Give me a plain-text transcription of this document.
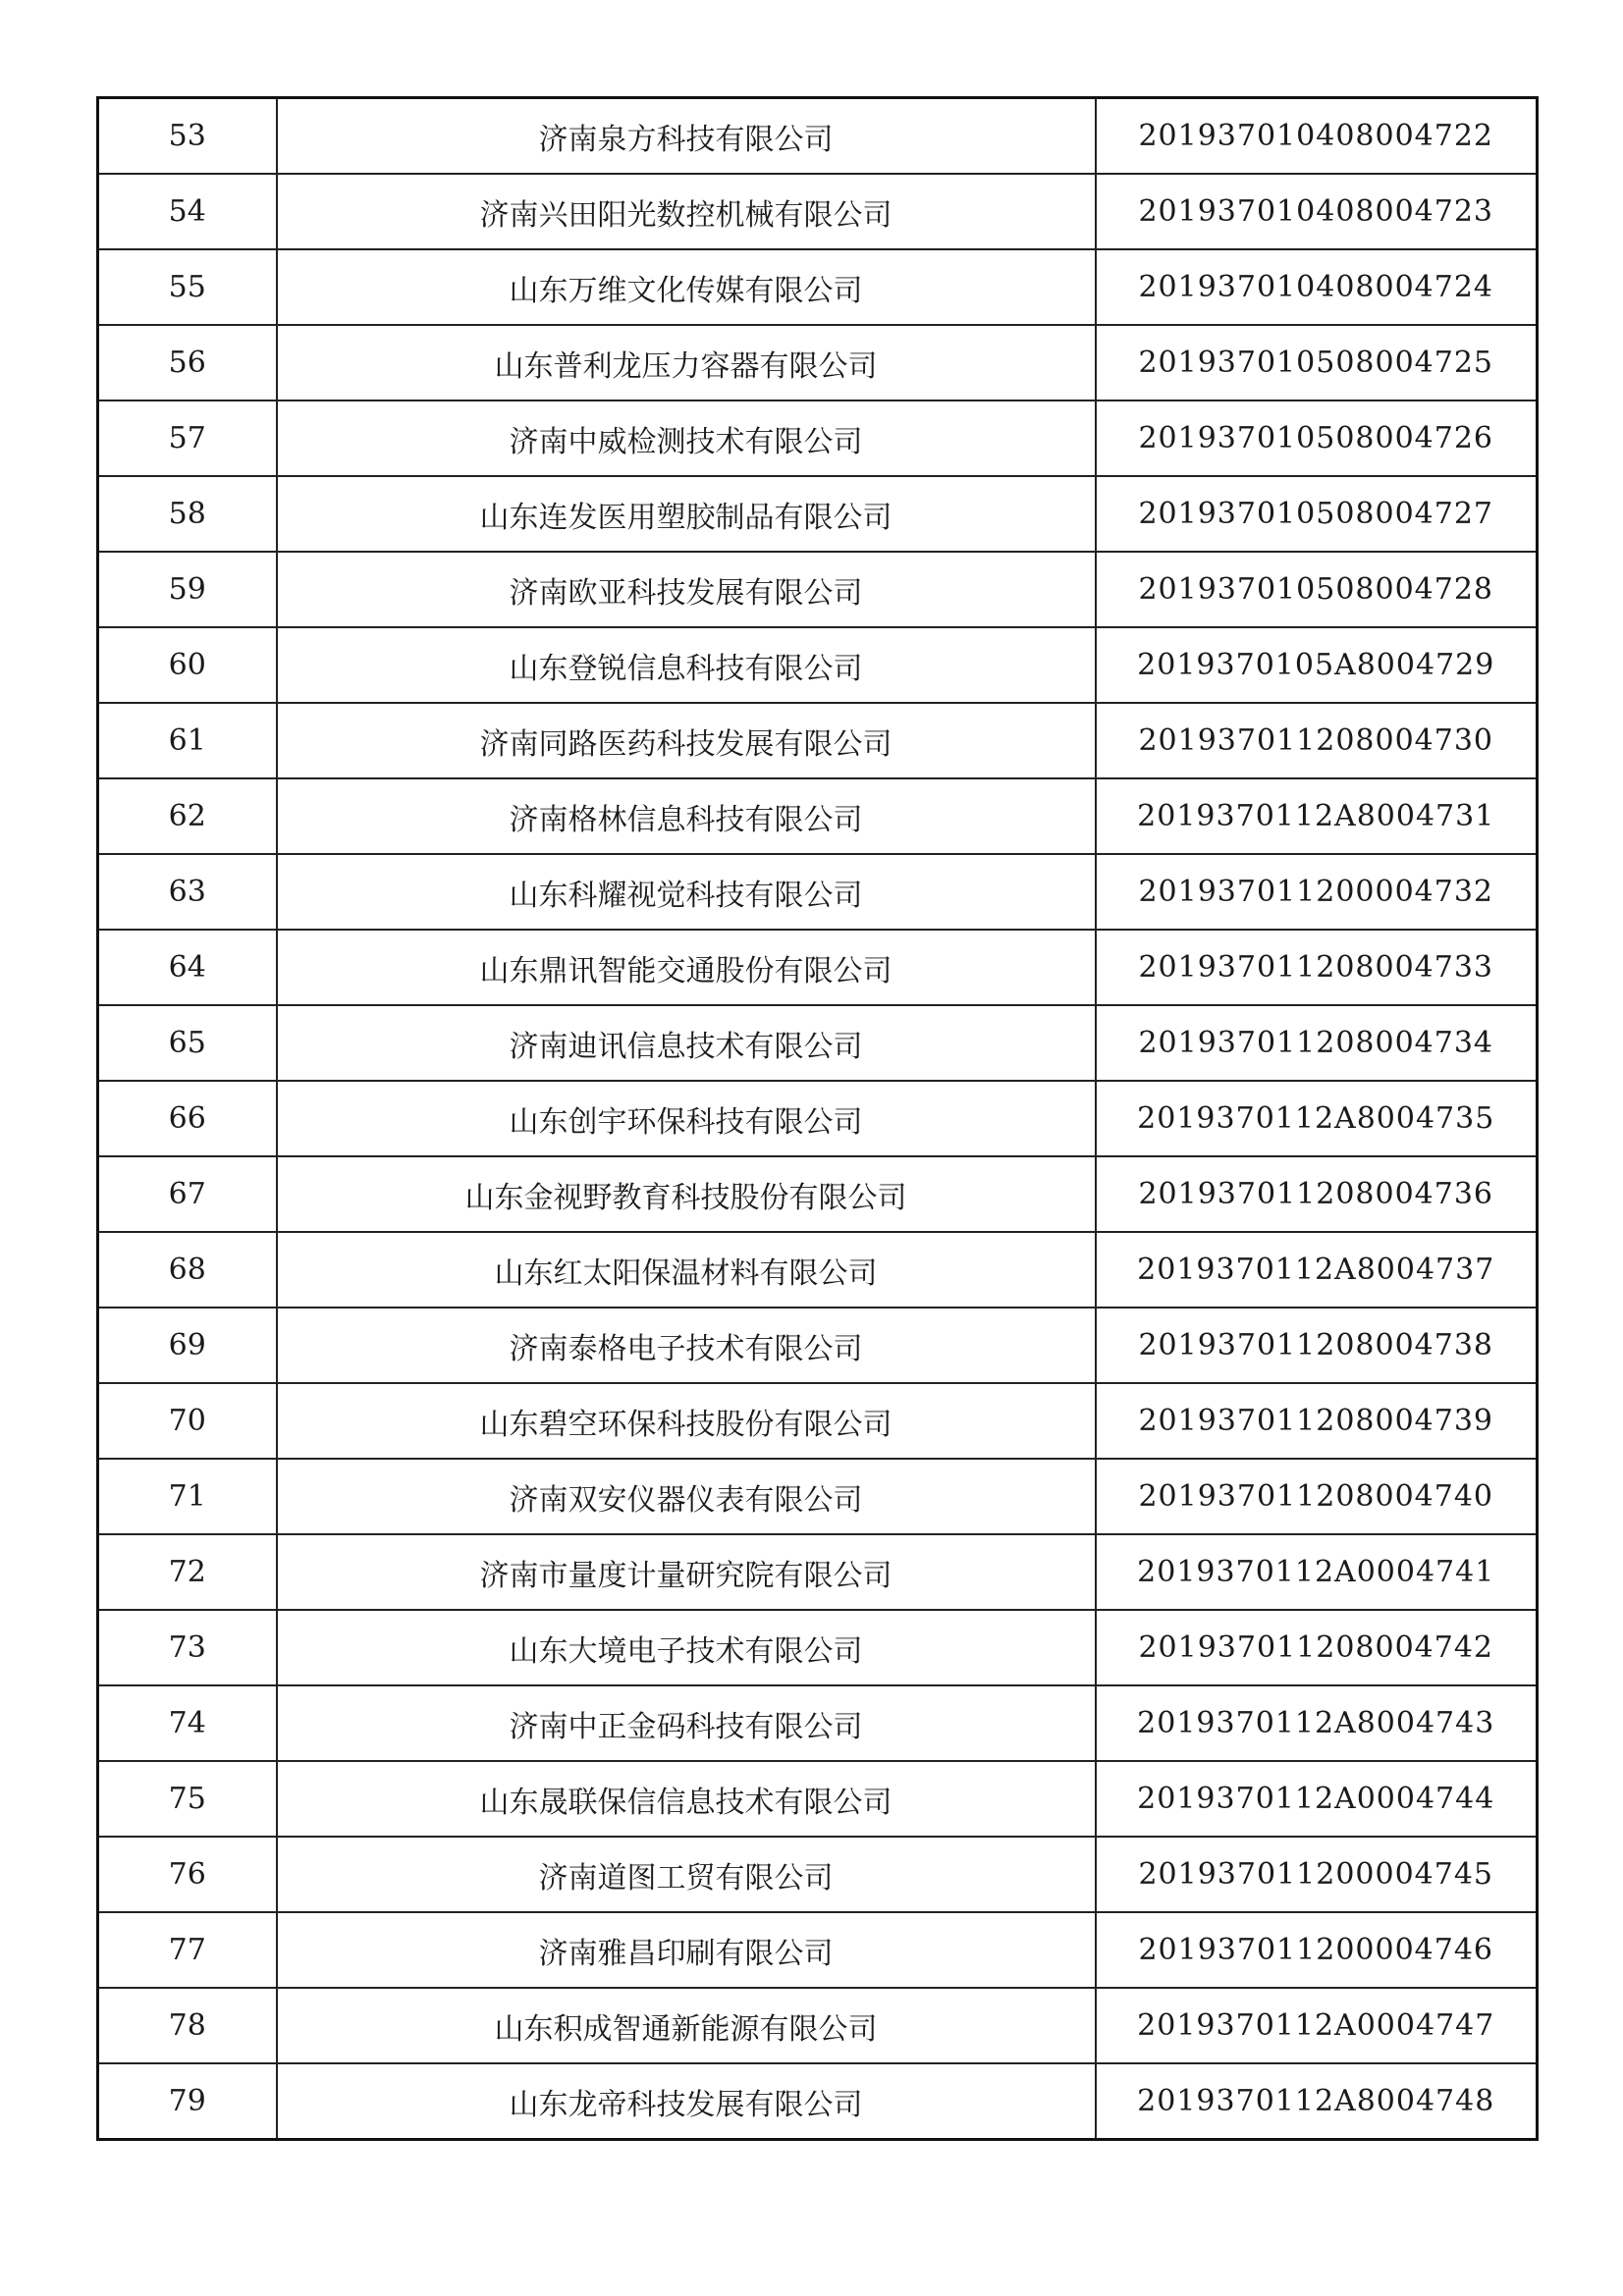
53	济南泉方科技有限公司	201937010408004722
54	济南兴田阳光数控机械有限公司	201937010408004723
55	山东万维文化传媒有限公司	201937010408004724
56	山东普利龙压力容器有限公司	201937010508004725
57	济南中威检测技术有限公司	201937010508004726
58	山东连发医用塑胶制品有限公司	201937010508004727
59	济南欧亚科技发展有限公司	201937010508004728
60	山东登锐信息科技有限公司	2019370105A8004729
61	济南同路医药科技发展有限公司	201937011208004730
62	济南格林信息科技有限公司	2019370112A8004731
63	山东科耀视觉科技有限公司	201937011200004732
64	山东鼎讯智能交通股份有限公司	201937011208004733
65	济南迪讯信息技术有限公司	201937011208004734
66	山东创宇环保科技有限公司	2019370112A8004735
67	山东金视野教育科技股份有限公司	201937011208004736
68	山东红太阳保温材料有限公司	2019370112A8004737
69	济南泰格电子技术有限公司	201937011208004738
70	山东碧空环保科技股份有限公司	201937011208004739
71	济南双安仪器仪表有限公司	201937011208004740
72	济南市量度计量研究院有限公司	2019370112A0004741
73	山东大境电子技术有限公司	201937011208004742
74	济南中正金码科技有限公司	2019370112A8004743
75	山东晟联保信信息技术有限公司	2019370112A0004744
76	济南道图工贸有限公司	201937011200004745
77	济南雅昌印刷有限公司	201937011200004746
78	山东积成智通新能源有限公司	2019370112A0004747
79	山东龙帝科技发展有限公司	2019370112A8004748
